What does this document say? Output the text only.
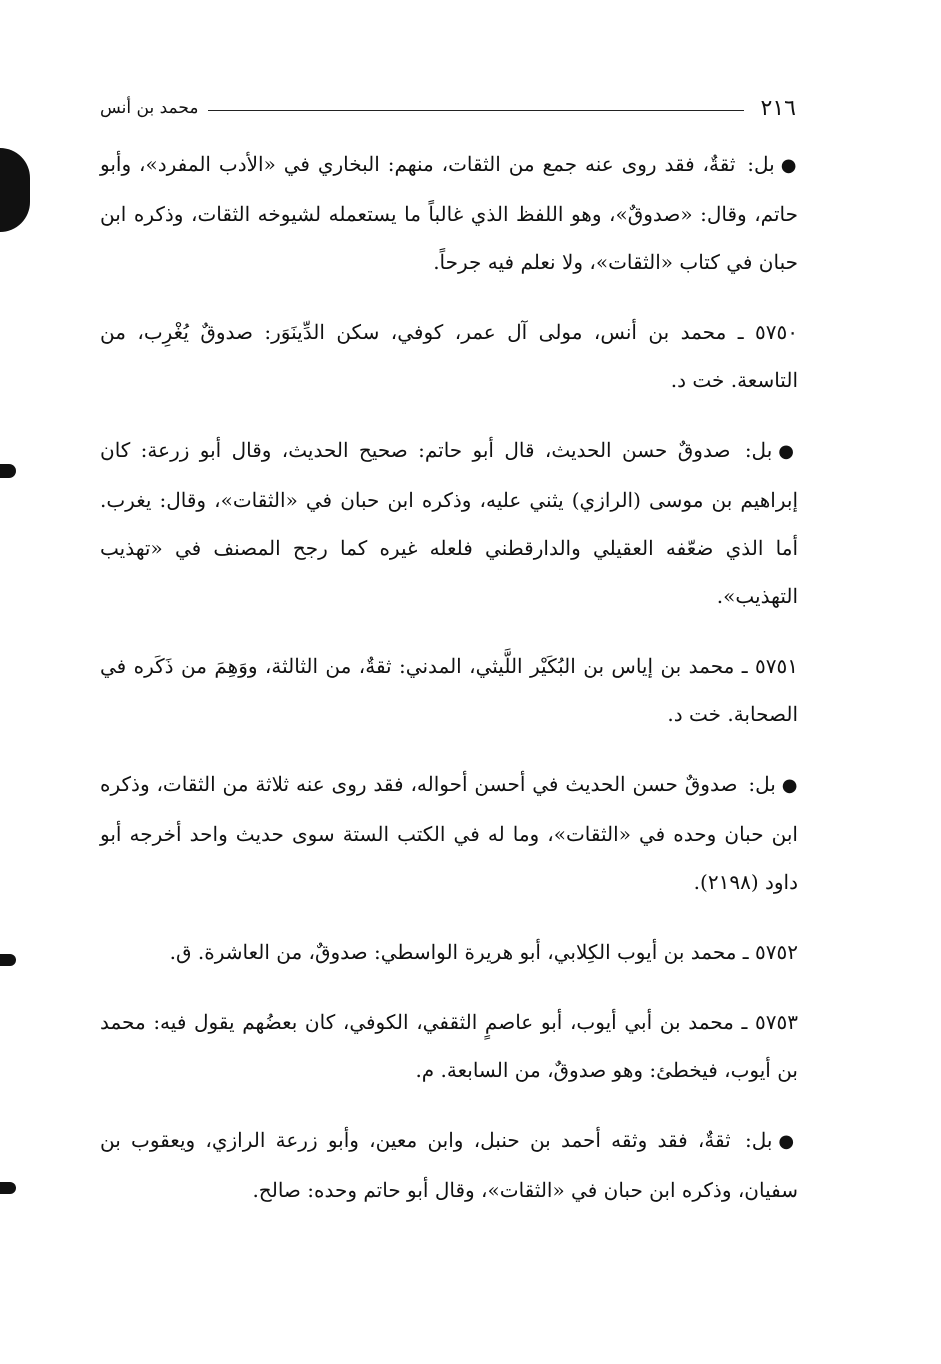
٢١٦
محمد بن أنس

●بل: ثقةٌ، فقد روى عنه جمع من الثقات، منهم: البخاري في «الأدب المفرد»، وأبو حاتم، وقال: «صدوقٌ»، وهو اللفظ الذي غالباً ما يستعمله لشيوخه الثقات، وذكره ابن حبان في كتاب «الثقات»، ولا نعلم فيه جرحاً.

٥٧٥٠ ـ محمد بن أنس، مولى آل عمر، كوفي، سكن الدِّينَوَر: صدوقٌ يُغْرِب، من التاسعة. خت د.

●بل: صدوقٌ حسن الحديث، قال أبو حاتم: صحيح الحديث، وقال أبو زرعة: كان إبراهيم بن موسى (الرازي) يثني عليه، وذكره ابن حبان في «الثقات»، وقال: يغرب. أما الذي ضعّفه العقيلي والدارقطني فلعله غيره كما رجح المصنف في «تهذيب التهذيب».

٥٧٥١ ـ محمد بن إياس بن البُكَيْر اللَّيثي، المدني: ثقةٌ، من الثالثة، ووَهِمَ من ذَكَره في الصحابة. خت د.

●بل: صدوقٌ حسن الحديث في أحسن أحواله، فقد روى عنه ثلاثة من الثقات، وذكره ابن حبان وحده في «الثقات»، وما له في الكتب الستة سوى حديث واحد أخرجه أبو داود (٢١٩٨).

٥٧٥٢ ـ محمد بن أيوب الكِلابي، أبو هريرة الواسطي: صدوقٌ، من العاشرة. ق.

٥٧٥٣ ـ محمد بن أبي أيوب، أبو عاصمٍ الثقفي، الكوفي، كان بعضُهم يقول فيه: محمد بن أيوب، فيخطئ: وهو صدوقٌ، من السابعة. م.

●بل: ثقةٌ، فقد وثقه أحمد بن حنبل، وابن معين، وأبو زرعة الرازي، ويعقوب بن سفيان، وذكره ابن حبان في «الثقات»، وقال أبو حاتم وحده: صالح.
